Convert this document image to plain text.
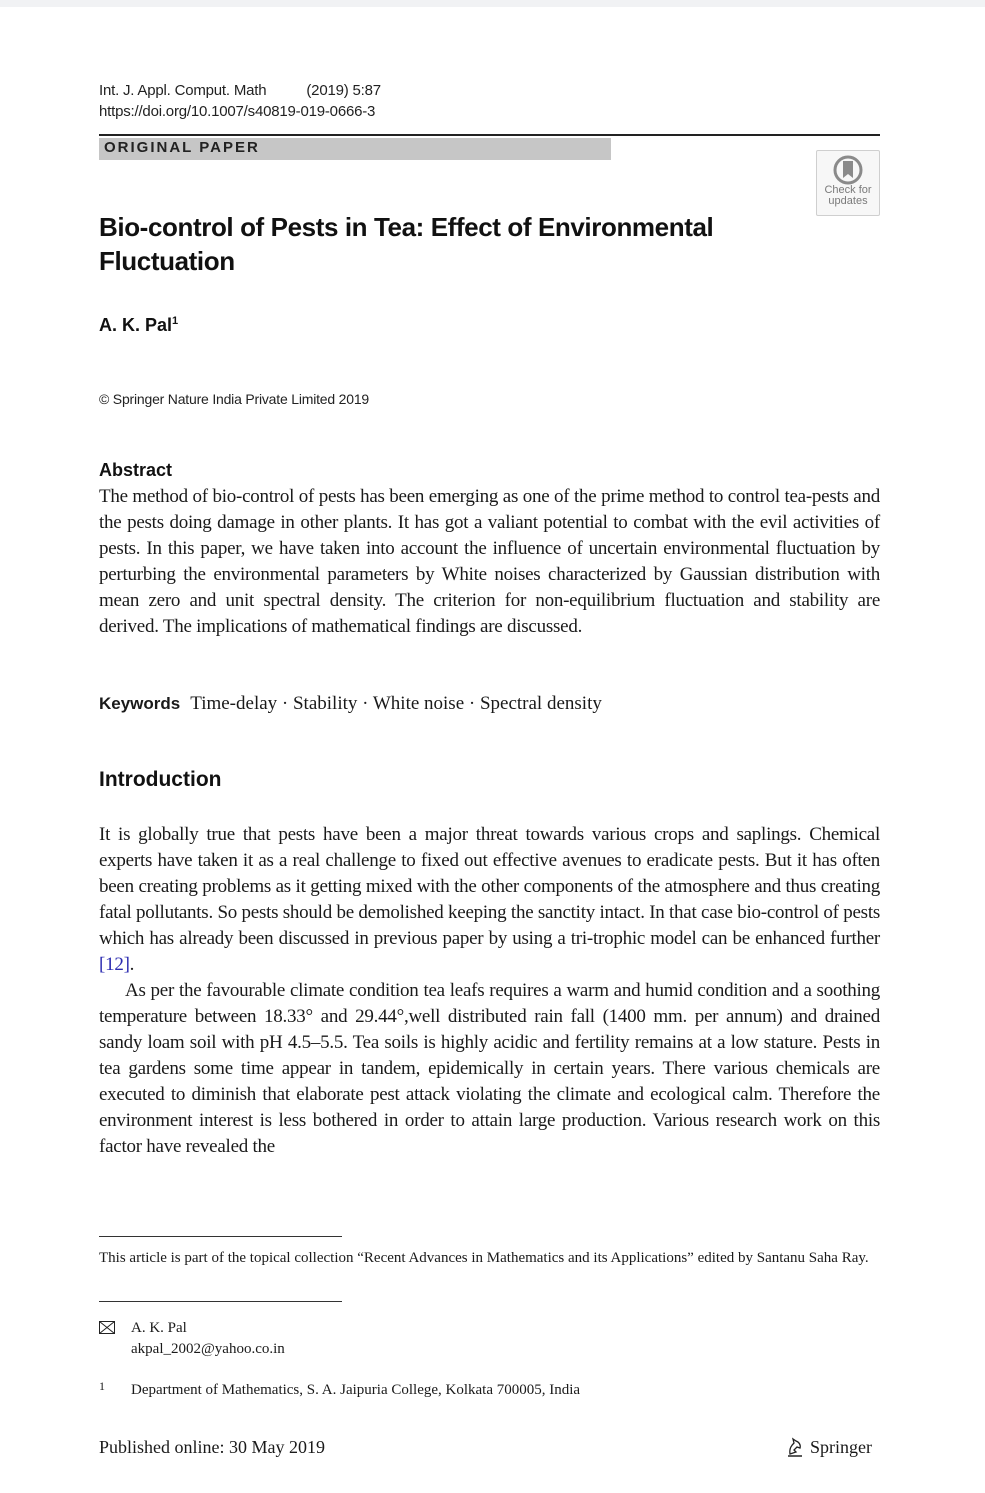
Int. J. Appl. Comput. Math	(2019) 5:87
https://doi.org/10.1007/s40819-019-0666-3
ORIGINAL PAPER
Check for
updates
Bio-control of Pests in Tea: Effect of Environmental Fluctuation
A. K. Pal$^1$
© Springer Nature India Private Limited 2019
Abstract
The method of bio-control of pests has been emerging as one of the prime method to control tea-pests and the pests doing damage in other plants. It has got a valiant potential to combat with the evil activities of pests. In this paper, we have taken into account the influence of uncertain environmental fluctuation by perturbing the environmental parameters by White noises characterized by Gaussian distribution with mean zero and unit spectral density. The criterion for non-equilibrium fluctuation and stability are derived. The implications of mathematical findings are discussed.
Keywords Time-delay · Stability · White noise · Spectral density
Introduction
It is globally true that pests have been a major threat towards various crops and saplings. Chemical experts have taken it as a real challenge to fixed out effective avenues to eradicate pests. But it has often been creating problems as it getting mixed with the other components of the atmosphere and thus creating fatal pollutants. So pests should be demolished keeping the sanctity intact. In that case bio-control of pests which has already been discussed in previous paper by using a tri-trophic model can be enhanced further [12].
As per the favourable climate condition tea leafs requires a warm and humid condition and a soothing temperature between 18.33° and 29.44°,well distributed rain fall (1400 mm. per annum) and drained sandy loam soil with pH 4.5–5.5. Tea soils is highly acidic and fertility remains at a low stature. Pests in tea gardens some time appear in tandem, epidemically in certain years. There various chemicals are executed to diminish that elaborate pest attack violating the climate and ecological calm. Therefore the environment interest is less bothered in order to attain large production. Various research work on this factor have revealed the
This article is part of the topical collection “Recent Advances in Mathematics and its Applications” edited by Santanu Saha Ray.
A. K. Pal
akpal_2002@yahoo.co.in
1 Department of Mathematics, S. A. Jaipuria College, Kolkata 700005, India
Published online: 30 May 2019	Springer
